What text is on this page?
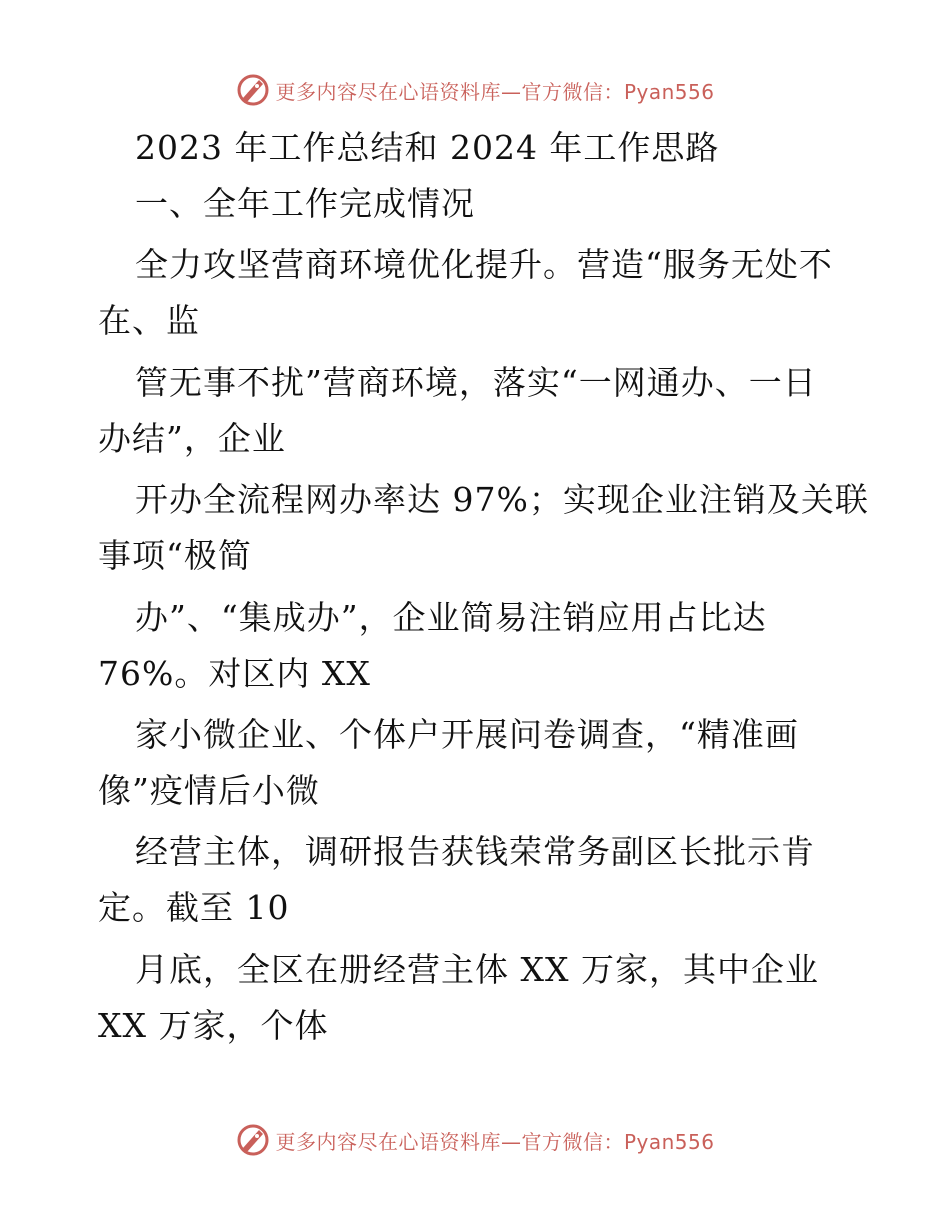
更多内容尽在心语资料库—官方微信：Pyan556
2023 年工作总结和 2024 年工作思路
一、全年工作完成情况
全力攻坚营商环境优化提升。营造“服务无处不
在、监
管无事不扰”营商环境，落实“一网通办、一日
办结”，企业
开办全流程网办率达 97%；实现企业注销及关联
事项“极简
办”、“集成办”，企业简易注销应用占比达
76%。对区内 XX
家小微企业、个体户开展问卷调查，“精准画
像”疫情后小微
经营主体，调研报告获钱荣常务副区长批示肯
定。截至 10
月底，全区在册经营主体 XX 万家，其中企业
XX 万家，个体
更多内容尽在心语资料库—官方微信：Pyan556
